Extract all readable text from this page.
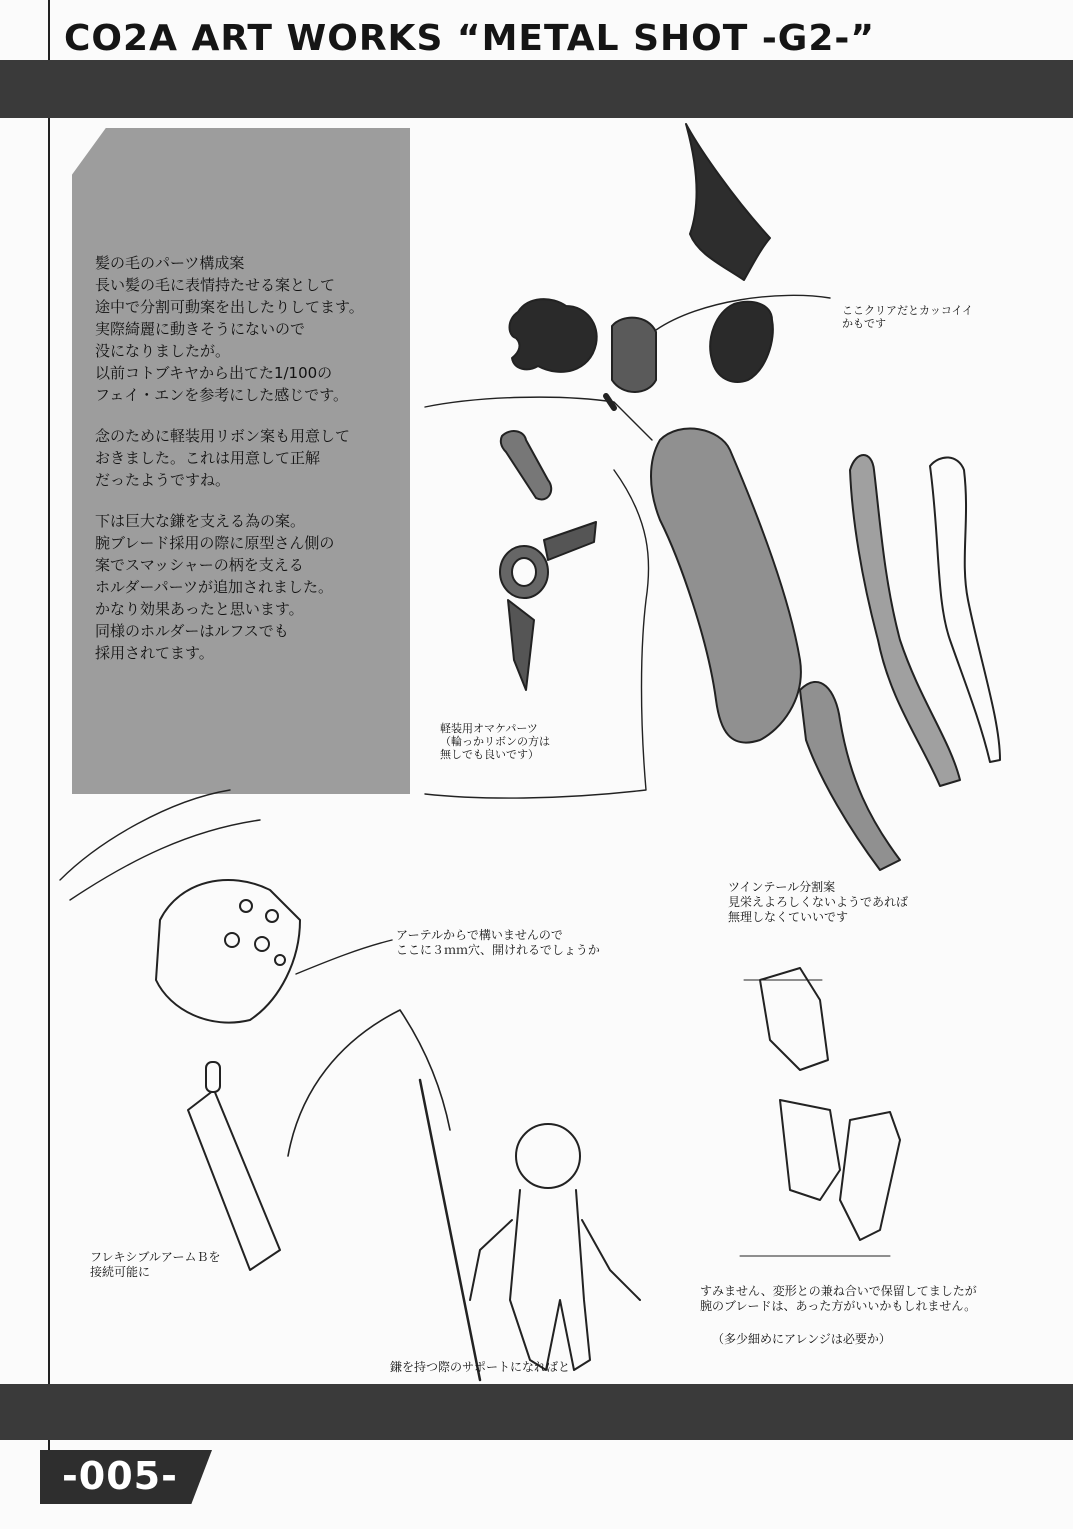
CO2A ART WORKS “METAL SHOT -G2-”

髪の毛のパーツ構成案
長い髪の毛に表情持たせる案として
途中で分割可動案を出したりしてます。
実際綺麗に動きそうにないので
没になりましたが。
以前コトブキヤから出てた1/100の
フェイ・エンを参考にした感じです。

念のために軽装用リボン案も用意して
おきました。これは用意して正解
だったようですね。

下は巨大な鎌を支える為の案。
腕ブレード採用の際に原型さん側の
案でスマッシャーの柄を支える
ホルダーパーツが追加されました。
かなり効果あったと思います。
同様のホルダーはルフスでも
採用されてます。

ここクリアだとカッコイイ
かもです
軽装用オマケパーツ
（輪っかリボンの方は
無しでも良いです）
ツインテール分割案
見栄えよろしくないようであれば
無理しなくていいです
アーテルからで構いませんので
ここに３ｍｍ穴、開けれるでしょうか
フレキシブルアームＢを
接続可能に
すみません、変形との兼ね合いで保留してましたが
腕のブレードは、あった方がいいかもしれません。
（多少細めにアレンジは必要か）
鎌を持つ際のサポートになればと
-005-
